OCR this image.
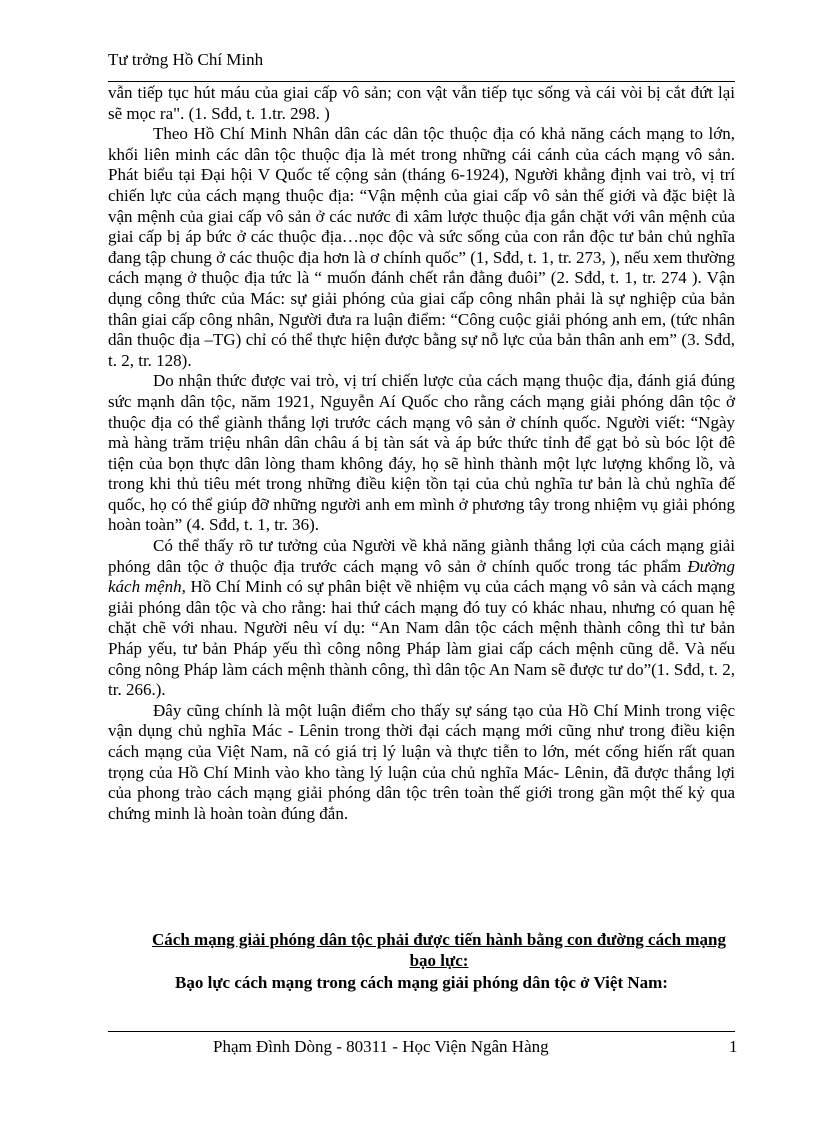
Tư trởng Hồ Chí Minh

vẫn tiếp tục hút máu của giai cấp vô sản; con vật vẫn tiếp tục sống và cái vòi bị cắt đứt lại sẽ mọc ra". (1. Sđd, t. 1.tr. 298. )

Theo Hồ Chí Minh Nhân dân các dân tộc thuộc địa có khả năng cách mạng to lớn, khối liên minh các dân tộc thuộc địa là mét trong những cái cánh của cách mạng vô sản. Phát biểu tại Đại hội V Quốc tế cộng sản (tháng 6-1924), Người khẳng định vai trò, vị trí chiến lực của cách mạng thuộc địa: “Vận mệnh của giai cấp vô sản thế giới và đặc biệt là vận mệnh của giai cấp vô sản ở các nước đi xâm lược thuộc địa gắn chặt với vân mệnh của giai cấp bị áp bức ở các thuộc địa…nọc độc và sức sống của con rắn độc tư bản chủ nghĩa đang tập chung ở các thuộc địa hơn là ơ chính quốc” (1, Sđd, t. 1, tr. 273, ), nếu xem thường cách mạng ở thuộc địa tức là “ muốn đánh chết rắn đằng đuôi” (2. Sđd, t. 1, tr. 274 ). Vận dụng công thức của Mác: sự giải phóng của giai cấp công nhân phải là sự nghiệp của bản thân giai cấp công nhân, Người đưa ra luận điểm: “Công cuộc giải phóng anh em, (tức nhân dân thuộc địa –TG) chỉ có thể thực hiện được bằng sự nỗ lực của bản thân anh em” (3. Sđd, t. 2, tr. 128).

Do nhận thức được vai trò, vị trí chiến lược của cách mạng thuộc địa, đánh giá đúng sức mạnh dân tộc, năm 1921, Nguyễn Aí Quốc cho rằng cách mạng giải phóng dân tộc ở thuộc địa có thể giành thắng lợi trước cách mạng vô sản ở chính quốc. Người viết: “Ngày mà hàng trăm triệu nhân dân châu á bị tàn sát và áp bức thức tỉnh để gạt bỏ sù bóc lột đê tiện của bọn thực dân lòng tham không đáy, họ sẽ hình thành một lực lượng khổng lồ, và trong khi thủ tiêu mét trong những điều kiện tồn tại của chủ nghĩa tư bản là chủ nghĩa đế quốc, họ có thể giúp đỡ những người anh em mình ở phương tây trong nhiệm vụ giải phóng hoàn toàn” (4. Sđd, t. 1, tr. 36).

Có thể thấy rõ tư tưởng của Người về khả năng giành thắng lợi của cách mạng giải phóng dân tộc ở thuộc địa trước cách mạng vô sản ở chính quốc trong tác phẩm Đường kách mệnh, Hồ Chí Minh có sự phân biệt về nhiệm vụ của cách mạng vô sản và cách mạng giải phóng dân tộc và cho rằng: hai thứ cách mạng đó tuy có khác nhau, nhưng có quan hệ chặt chẽ với nhau. Người nêu ví dụ: “An Nam dân tộc cách mệnh thành công thì tư bản Pháp yếu, tư bản Pháp yếu thì công nông Pháp làm giai cấp cách mệnh cũng dễ. Và nếu công nông Pháp làm cách mệnh thành công, thì dân tộc An Nam sẽ được tư do”(1. Sđd, t. 2, tr. 266.).

Đây cũng chính là một luận điểm cho thấy sự sáng tạo của Hồ Chí Minh trong việc vận dụng chủ nghĩa Mác - Lênin trong thời đại cách mạng mới cũng như trong điều kiện cách mạng của Việt Nam, nã có giá trị lý luận và thực tiễn to lớn, mét cống hiến rất quan trọng của Hồ Chí Minh vào kho tàng lý luận của chủ nghĩa Mác- Lênin, đã được thắng lợi của phong trào cách mạng giải phóng dân tộc trên toàn thế giới trong gần một thế kỷ qua chứng minh là hoàn toàn đúng đắn.

Cách mạng giải phóng dân tộc phải được tiến hành bằng con đường cách mạng bạo lực:
Bạo lực cách mạng trong cách mạng giải phóng dân tộc ở Việt Nam:
Phạm Đình Dòng - 80311 - Học Viện Ngân Hàng	1
